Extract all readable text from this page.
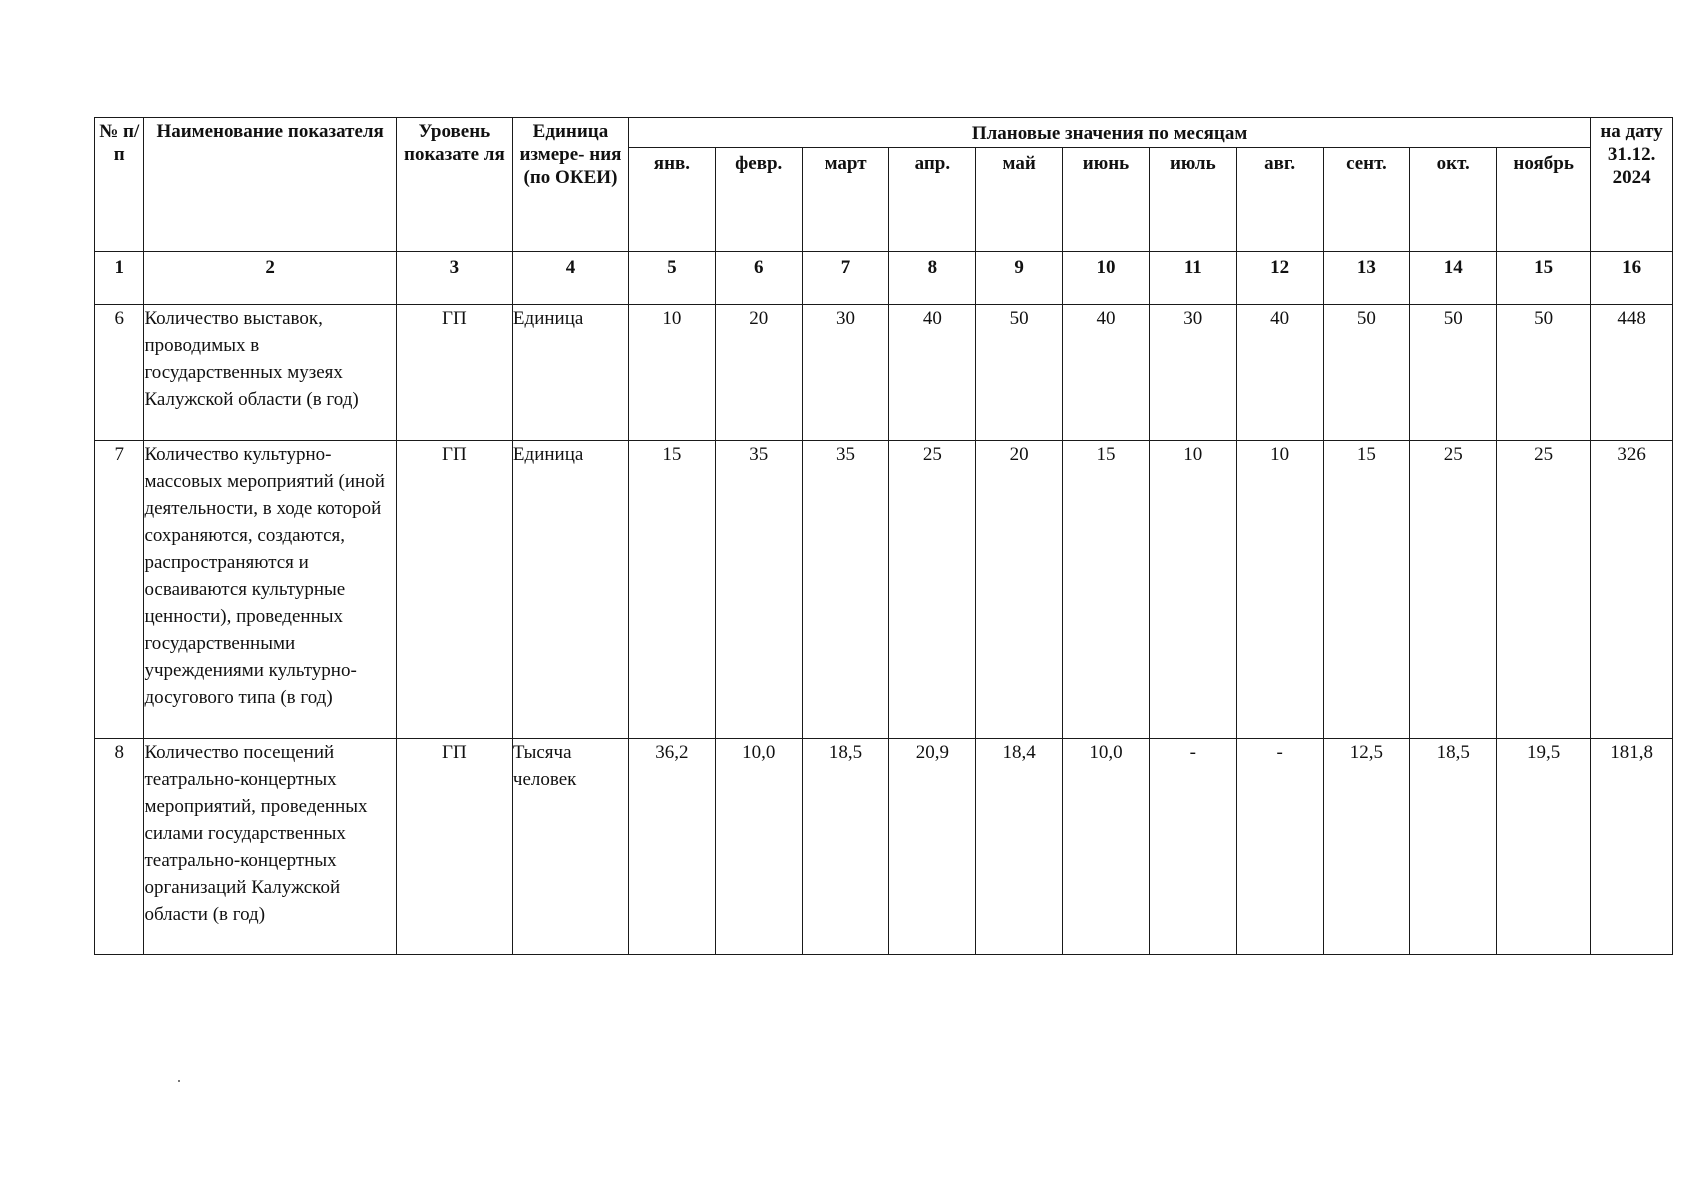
№ п/п	Наименование показателя	Уровень показате ля	Единица измере- ния (по ОКЕИ)	Плановые значения по месяцам											на дату 31.12. 2024

				янв.	февр.	март	апр.	май	июнь	июль	авг.	сент.	окт.	ноябрь	
1	2	3	4	5	6	7	8	9	10	11	12	13	14	15	16
6	Количество выставок, проводимых в государственных музеях Калужской области (в год)	ГП	Единица	10	20	30	40	50	40	30	40	50	50	50	448
7	Количество культурно-массовых мероприятий (иной деятельности, в ходе которой сохраняются, создаются, распространяются и осваиваются культурные ценности), проведенных государственными учреждениями культурно-досугового типа (в год)	ГП	Единица	15	35	35	25	20	15	10	10	15	25	25	326
8	Количество посещений театрально-концертных мероприятий, проведенных силами государственных театрально-концертных организаций Калужской области (в год)	ГП	Тысяча человек	36,2	10,0	18,5	20,9	18,4	10,0	-	-	12,5	18,5	19,5	181,8
